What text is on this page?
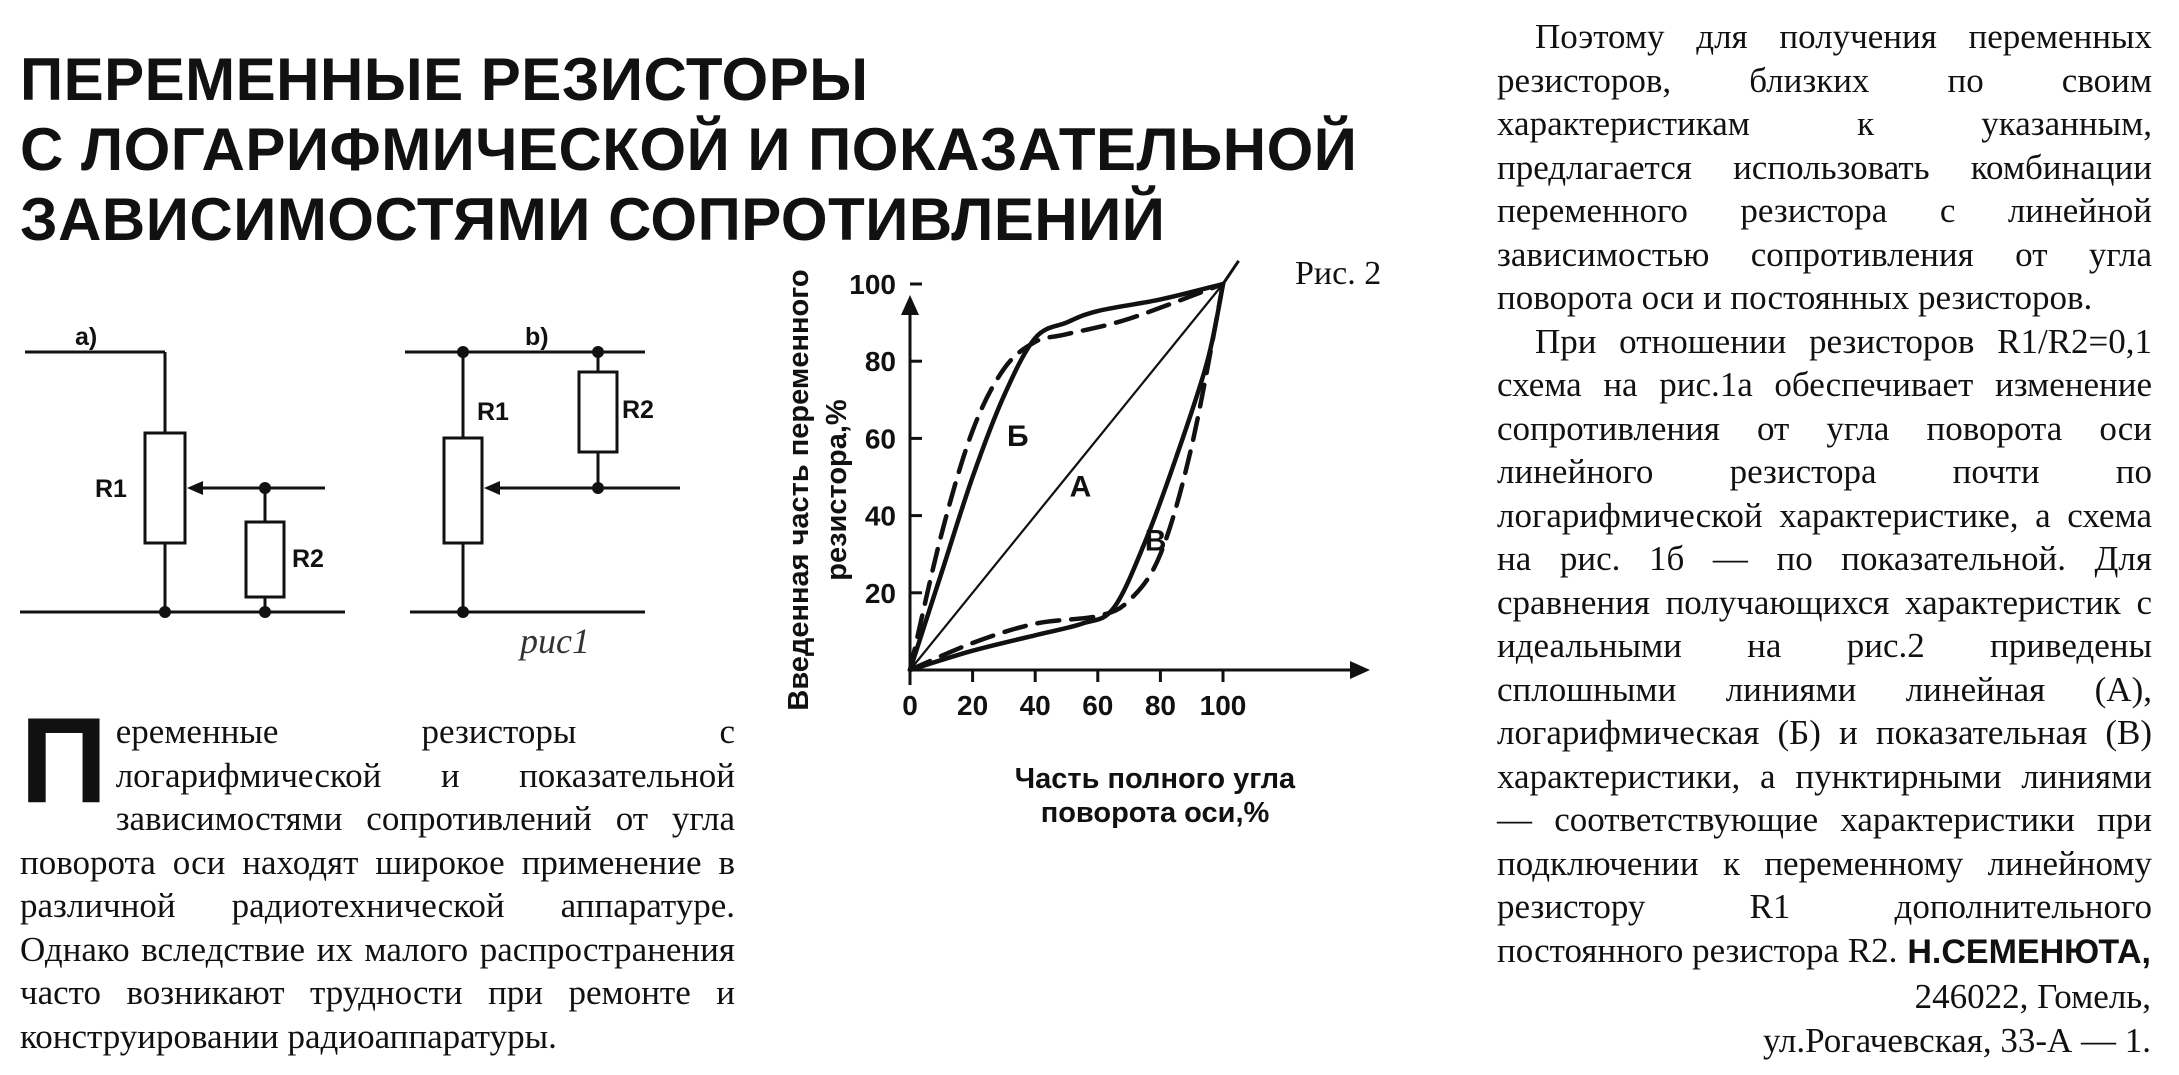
ПЕРЕМЕННЫЕ РЕЗИСТОРЫ
С ЛОГАРИФМИЧЕСКОЙ И ПОКАЗАТЕЛЬНОЙ
ЗАВИСИМОСТЯМИ СОПРОТИВЛЕНИЙ
Рис. 2
a)	b)
R1
R2
R1	R2
рис1
Переменные резисторы с логарифмической и показательной зависимостями сопротивлений от угла поворота оси находят широкое применение в различной радиотехнической аппаратуре. Однако вследствие их малого распространения часто возникают трудности при ремонте и конструировании радиоаппаратуры.
0 20 40 60 80 100
20
40
60
80
100
Введенная часть переменного резистора,%
Часть полного угла
поворота оси,%
Б
А
В

Поэтому для получения переменных резисторов, близких по своим характеристикам к указанным, предлагается использовать комбинации переменного резистора с линейной зависимостью сопротивления от угла поворота оси и постоянных резисторов.

При отношении резисторов R1/R2=0,1 схема на рис.1а обеспечивает изменение сопротивления от угла поворота оси линейного резистора почти по логарифмической характеристике, а схема на рис. 1б — по показательной. Для сравнения получающихся характеристик с идеальными на рис.2 приведены сплошными линиями линейная (А), логарифмическая (Б) и показательная (В) характеристики, а пунктирными линиями — соответствующие характеристики при подключении к переменному линейному резистору R1 дополнительного постоянного резистора R2. Н.СЕМЕНЮТА,
246022, Гомель,
ул.Рогачевская, 33-А — 1.
